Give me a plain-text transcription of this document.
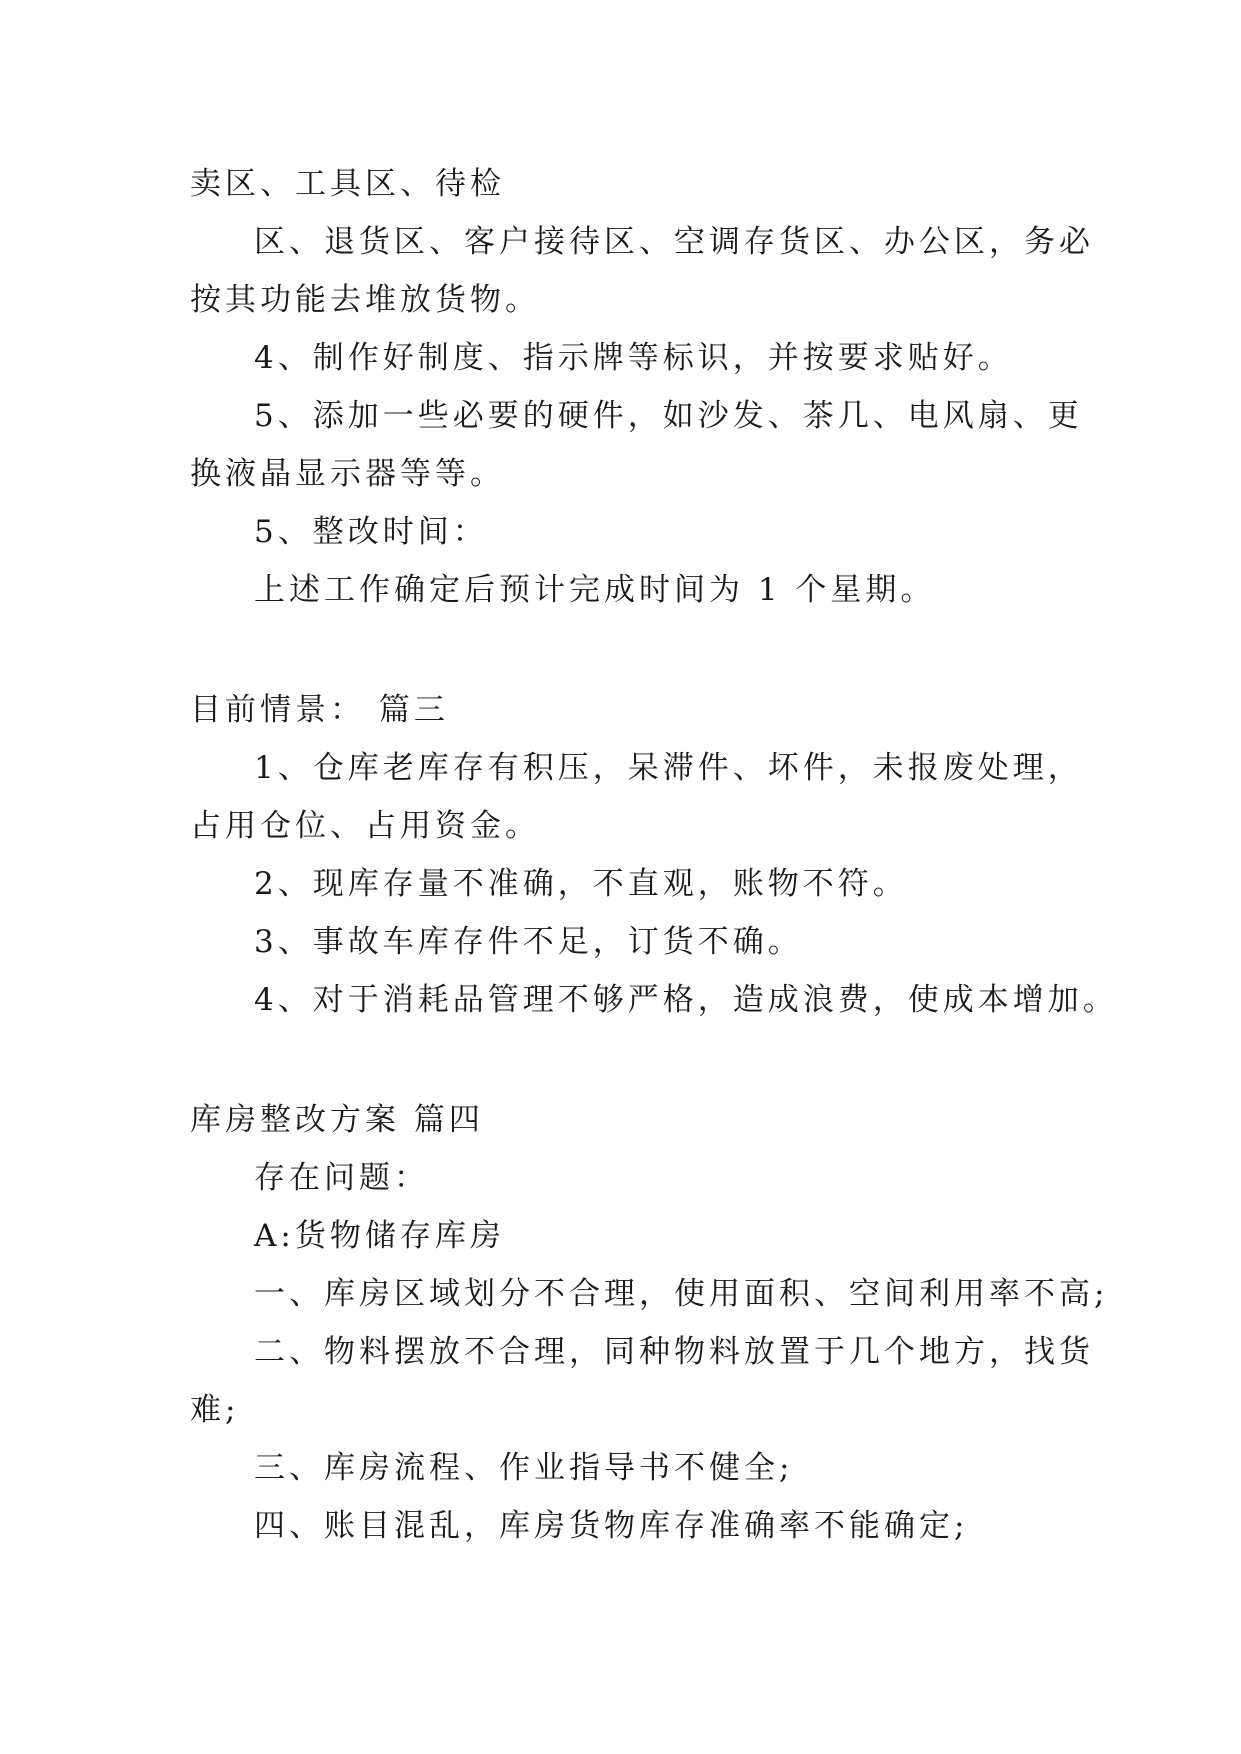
卖区、工具区、待检
区、退货区、客户接待区、空调存货区、办公区，务必
按其功能去堆放货物。
4、制作好制度、指示牌等标识，并按要求贴好。
5、添加一些必要的硬件，如沙发、茶几、电风扇、更
换液晶显示器等等。
5、整改时间：
上述工作确定后预计完成时间为 1 个星期。
目前情景： 篇三
1、仓库老库存有积压，呆滞件、坏件，未报废处理，
占用仓位、占用资金。
2、现库存量不准确，不直观，账物不符。
3、事故车库存件不足，订货不确。
4、对于消耗品管理不够严格，造成浪费，使成本增加。
库房整改方案 篇四
存在问题：
A:货物储存库房
一、库房区域划分不合理，使用面积、空间利用率不高;
二、物料摆放不合理，同种物料放置于几个地方，找货
难;
三、库房流程、作业指导书不健全;
四、账目混乱，库房货物库存准确率不能确定;
